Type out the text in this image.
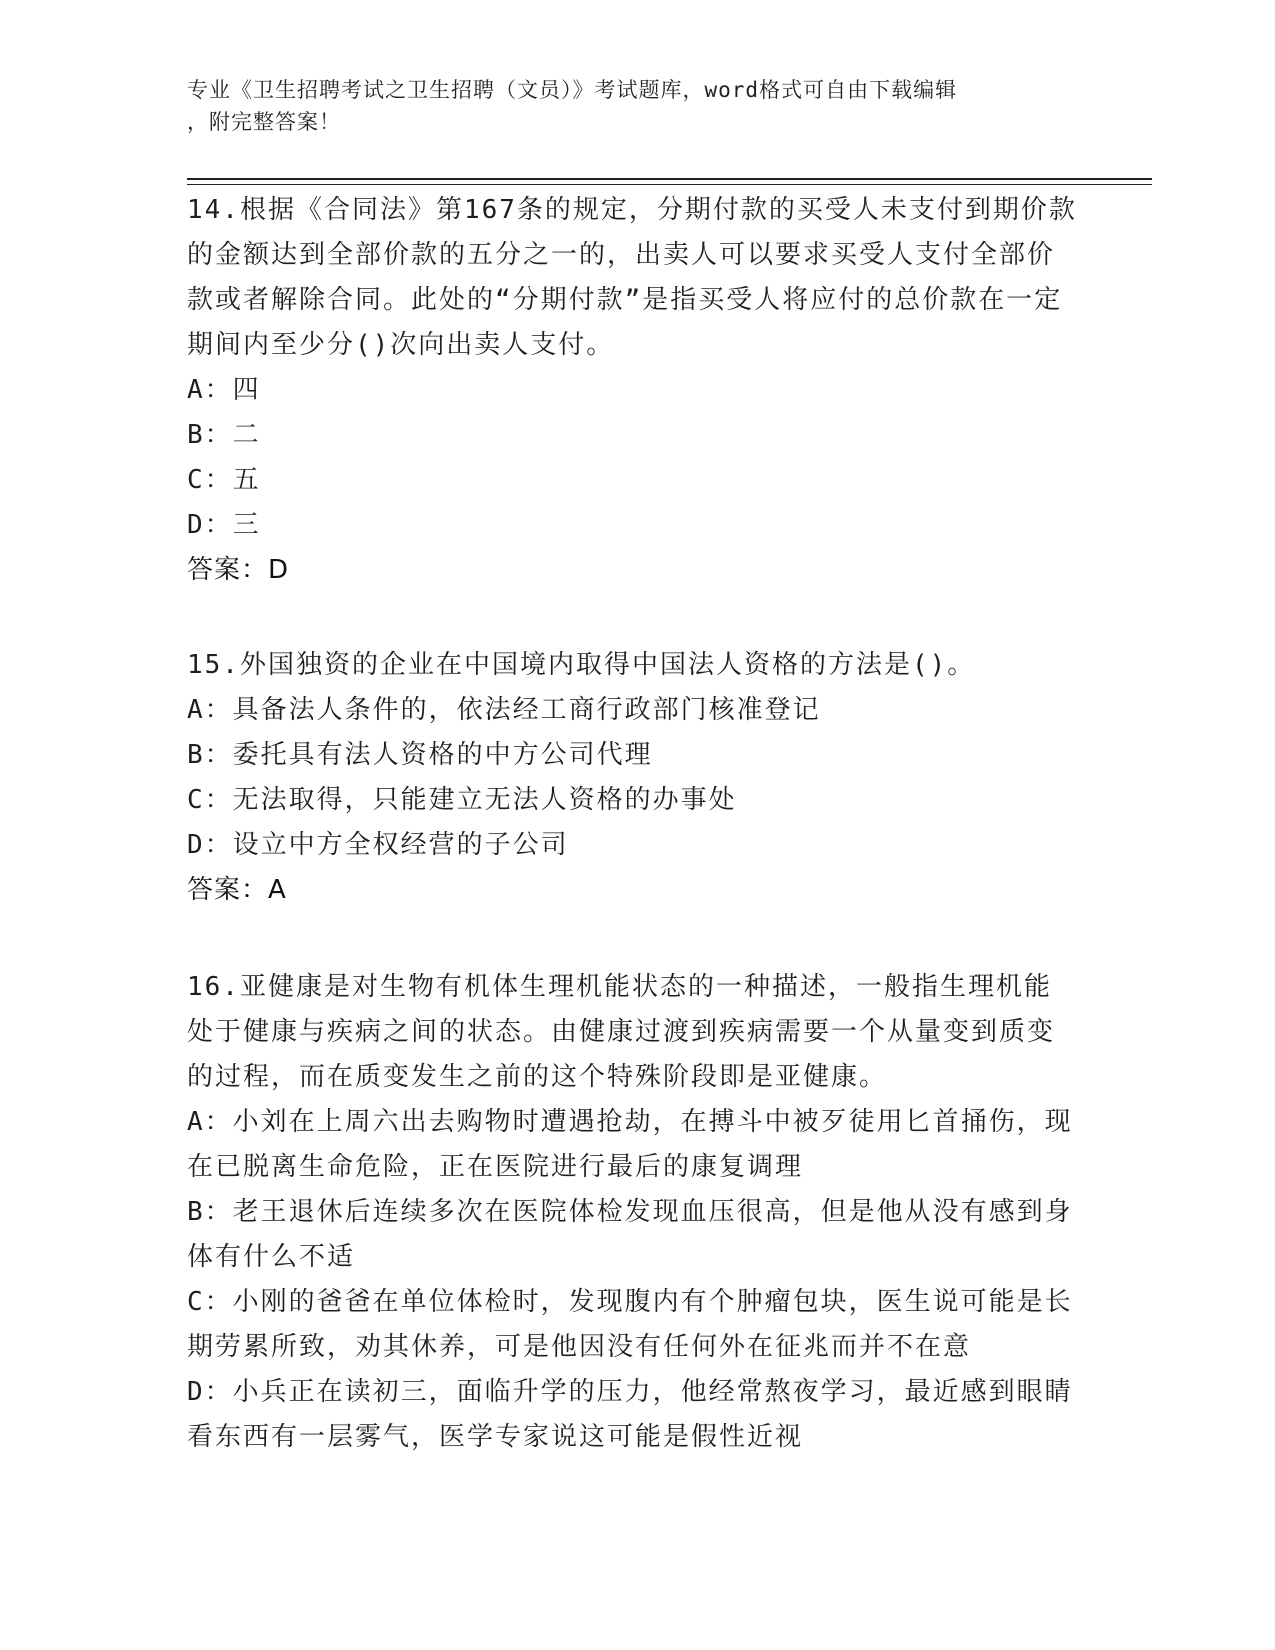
专业《卫生招聘考试之卫生招聘（文员）》考试题库，word格式可自由下载编辑
，附完整答案！
14.根据《合同法》第167条的规定，分期付款的买受人未支付到期价款的金额达到全部价款的五分之一的，出卖人可以要求买受人支付全部价款或者解除合同。此处的“分期付款”是指买受人将应付的总价款在一定期间内至少分()次向出卖人支付。
A：四
B：二
C：五
D：三
答案：D
15.外国独资的企业在中国境内取得中国法人资格的方法是()。
A：具备法人条件的，依法经工商行政部门核准登记
B：委托具有法人资格的中方公司代理
C：无法取得，只能建立无法人资格的办事处
D：设立中方全权经营的子公司
答案：A
16.亚健康是对生物有机体生理机能状态的一种描述，一般指生理机能处于健康与疾病之间的状态。由健康过渡到疾病需要一个从量变到质变的过程，而在质变发生之前的这个特殊阶段即是亚健康。
A：小刘在上周六出去购物时遭遇抢劫，在搏斗中被歹徒用匕首捅伤，现在已脱离生命危险，正在医院进行最后的康复调理
B：老王退休后连续多次在医院体检发现血压很高，但是他从没有感到身体有什么不适
C：小刚的爸爸在单位体检时，发现腹内有个肿瘤包块，医生说可能是长期劳累所致，劝其休养，可是他因没有任何外在征兆而并不在意
D：小兵正在读初三，面临升学的压力，他经常熬夜学习，最近感到眼睛看东西有一层雾气，医学专家说这可能是假性近视
